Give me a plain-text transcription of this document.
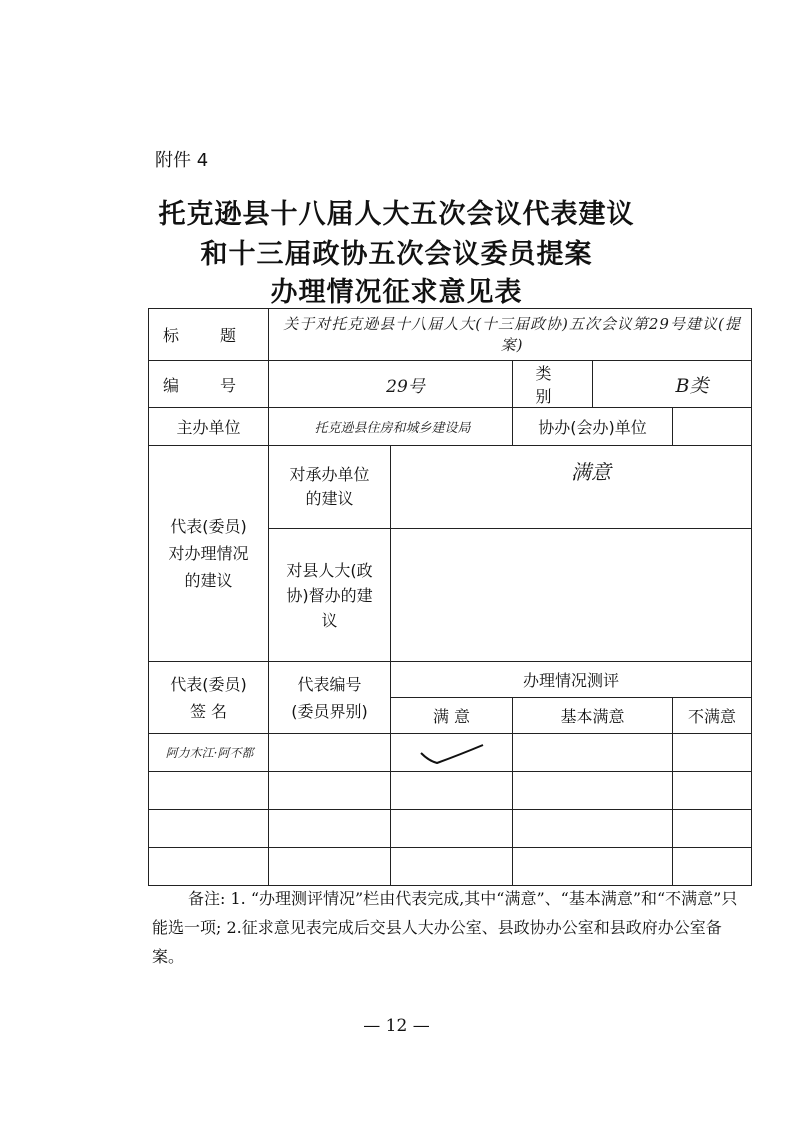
附件 4
托克逊县十八届人大五次会议代表建议
和十三届政协五次会议委员提案
办理情况征求意见表
标 题	关于对托克逊县十八届人大(十三届政协)五次会议第29号建议(提案)				
编 号	29号		类 别	B类	
主办单位	托克逊县住房和城乡建设局		协办(会办)单位		
代表(委员)对办理情况的建议	对承办单位的建议	满意			
	对县人大(政协)督办的建议				
代表(委员)签 名	代表编号(委员界别)	办理情况测评			
		满 意	基本满意		不满意
阿力木江·阿不都		

备注: 1. “办理测评情况”栏由代表完成,其中“满意”、“基本满意”和“不满意”只能选一项; 2.征求意见表完成后交县人大办公室、县政协办公室和县政府办公室备案。
— 12 —
